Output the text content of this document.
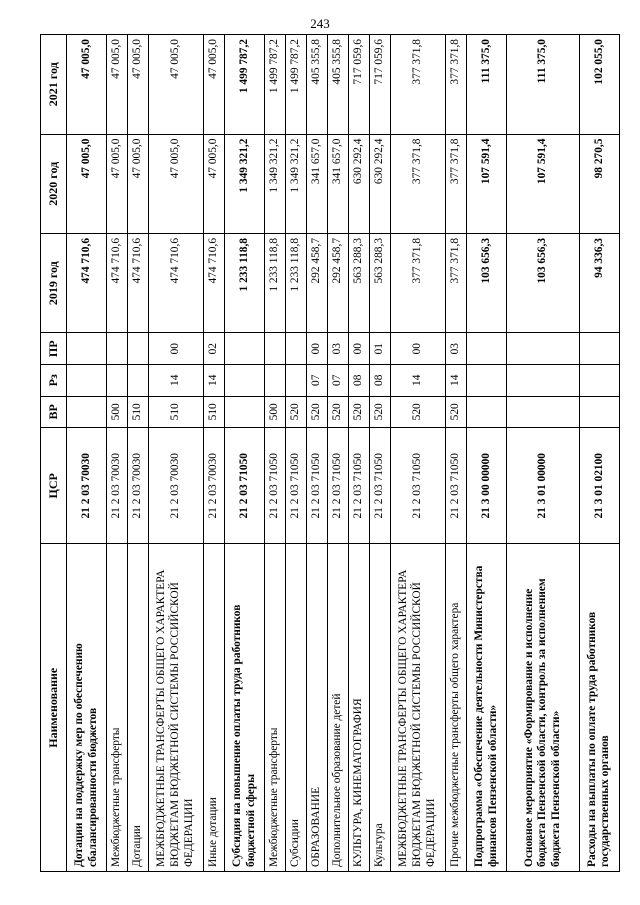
243
Наименование	ЦСР	ВР	Рз	ПР	2019 год	2020 год	2021 год
Дотации на поддержку мер по обеспечению сбалансированности бюджетов	21 2 03 70030				474 710,6	47 005,0	47 005,0
Межбюджетные трансферты	21 2 03 70030	500			474 710,6	47 005,0	47 005,0
Дотации	21 2 03 70030	510			474 710,6	47 005,0	47 005,0
МЕЖБЮДЖЕТНЫЕ ТРАНСФЕРТЫ ОБЩЕГО ХАРАКТЕРА БЮДЖЕТАМ БЮДЖЕТНОЙ СИСТЕМЫ РОССИЙСКОЙ ФЕДЕРАЦИИ	21 2 03 70030	510	14	00	474 710,6	47 005,0	47 005,0
Иные дотации	21 2 03 70030	510	14	02	474 710,6	47 005,0	47 005,0
Субсидия на повышение оплаты труда работников бюджетной сферы	21 2 03 71050				1 233 118,8	1 349 321,2	1 499 787,2
Межбюджетные трансферты	21 2 03 71050	500			1 233 118,8	1 349 321,2	1 499 787,2
Субсидии	21 2 03 71050	520			1 233 118,8	1 349 321,2	1 499 787,2
ОБРАЗОВАНИЕ	21 2 03 71050	520	07	00	292 458,7	341 657,0	405 355,8
Дополнительное образование детей	21 2 03 71050	520	07	03	292 458,7	341 657,0	405 355,8
КУЛЬТУРА, КИНЕМАТОГРАФИЯ	21 2 03 71050	520	08	00	563 288,3	630 292,4	717 059,6
Культура	21 2 03 71050	520	08	01	563 288,3	630 292,4	717 059,6
МЕЖБЮДЖЕТНЫЕ ТРАНСФЕРТЫ ОБЩЕГО ХАРАКТЕРА БЮДЖЕТАМ БЮДЖЕТНОЙ СИСТЕМЫ РОССИЙСКОЙ ФЕДЕРАЦИИ	21 2 03 71050	520	14	00	377 371,8	377 371,8	377 371,8
Прочие межбюджетные трансферты общего характера	21 2 03 71050	520	14	03	377 371,8	377 371,8	377 371,8
Подпрограмма «Обеспечение деятельности Министерства финансов Пензенской области»	21 3 00 00000				103 656,3	107 591,4	111 375,0
Основное мероприятие «Формирование и исполнение бюджета Пензенской области, контроль за исполнением бюджета Пензенской области»	21 3 01 00000				103 656,3	107 591,4	111 375,0
Расходы на выплаты по оплате труда работников государственных органов	21 3 01 02100				94 336,3	98 270,5	102 055,0
